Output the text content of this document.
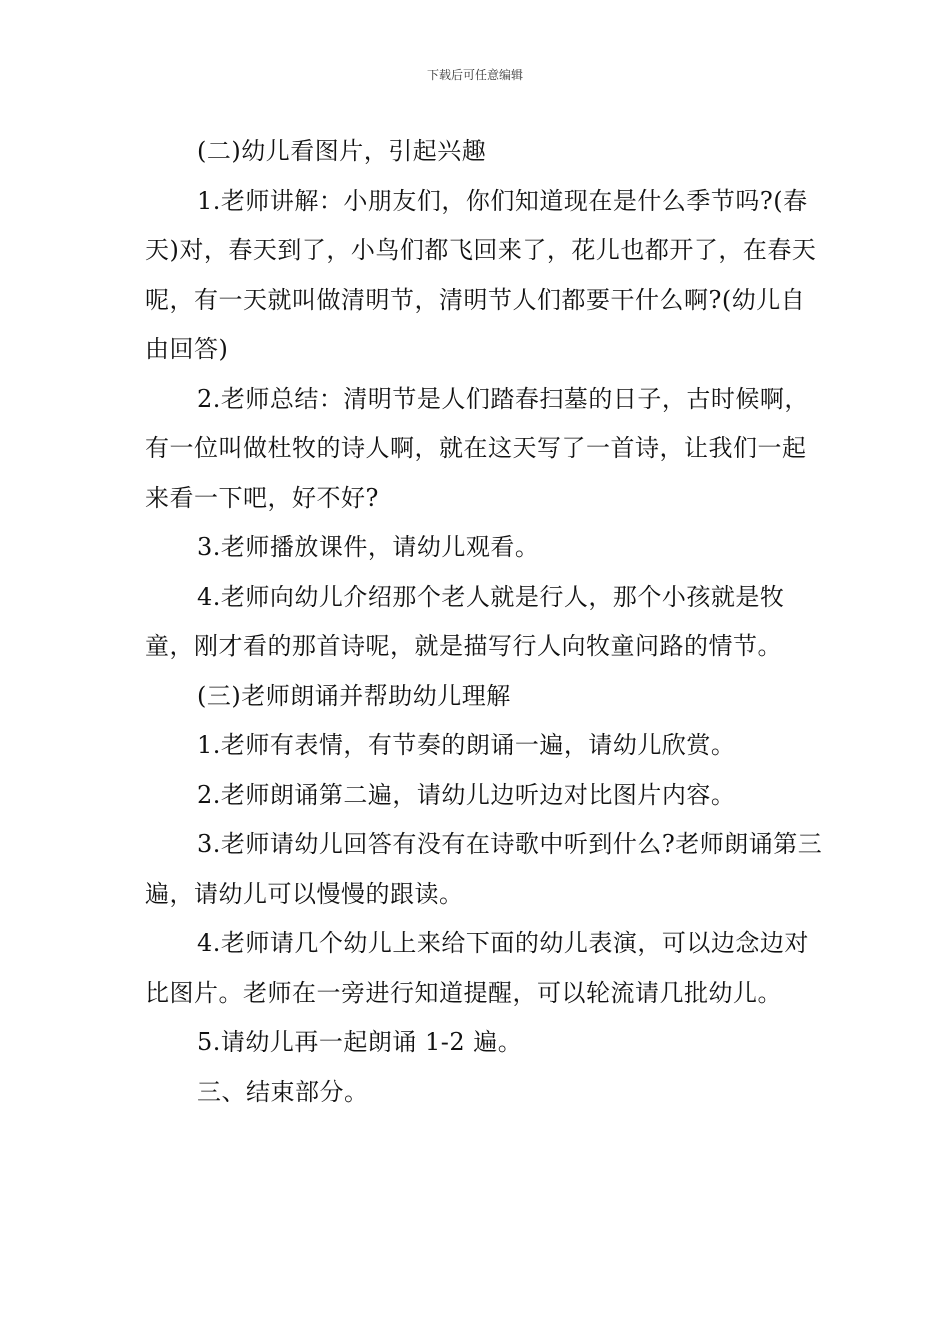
下载后可任意编辑

(二)幼儿看图片，引起兴趣

1.老师讲解：小朋友们，你们知道现在是什么季节吗?(春天)对，春天到了，小鸟们都飞回来了，花儿也都开了，在春天呢，有一天就叫做清明节，清明节人们都要干什么啊?(幼儿自由回答)

2.老师总结：清明节是人们踏春扫墓的日子，古时候啊，有一位叫做杜牧的诗人啊，就在这天写了一首诗，让我们一起来看一下吧，好不好?

3.老师播放课件，请幼儿观看。

4.老师向幼儿介绍那个老人就是行人，那个小孩就是牧童，刚才看的那首诗呢，就是描写行人向牧童问路的情节。

(三)老师朗诵并帮助幼儿理解

1.老师有表情，有节奏的朗诵一遍，请幼儿欣赏。

2.老师朗诵第二遍，请幼儿边听边对比图片内容。

3.老师请幼儿回答有没有在诗歌中听到什么?老师朗诵第三遍，请幼儿可以慢慢的跟读。

4.老师请几个幼儿上来给下面的幼儿表演，可以边念边对比图片。老师在一旁进行知道提醒，可以轮流请几批幼儿。

5.请幼儿再一起朗诵 1-2 遍。

三、结束部分。
